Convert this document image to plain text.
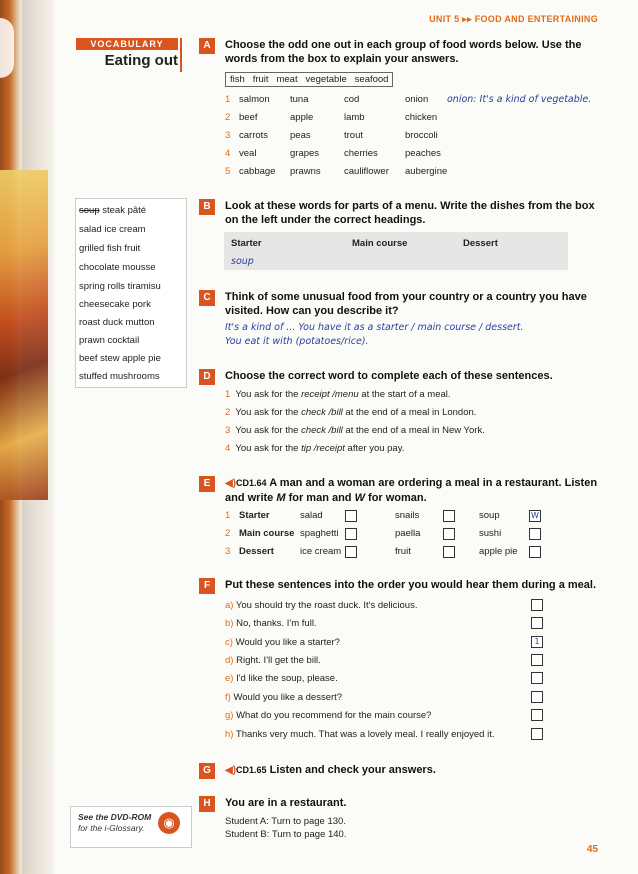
UNIT 5 ▸▸ FOOD AND ENTERTAINING
VOCABULARY
Eating out
A	Choose the odd one out in each group of food words below. Use the words from the box to explain your answers.
fish fruit meat vegetable seafood
1 salmon tuna	cod	onion onion: It's a kind of vegetable.
2 beef	apple	lamb	chicken
3 carrots peas	trout	broccoli
4 veal	grapes	cherries	peaches
5 cabbage prawns cauliflower aubergine
soup steak pâté
salad ice cream
grilled fish fruit
chocolate mousse
spring rolls tiramisu
cheesecake pork
roast duck mutton
prawn cocktail
beef stew apple pie
stuffed mushrooms
B	Look at these words for parts of a menu. Write the dishes from the box on the left under the correct headings.
Starter	Main course	Dessert
soup
C	Think of some unusual food from your country or a country you have visited. How can you describe it?
It's a kind of ... You have it as a starter / main course / dessert.
You eat it with (potatoes/rice).
D	Choose the correct word to complete each of these sentences.
1 You ask for the receipt /menu at the start of a meal.
2 You ask for the check /bill at the end of a meal in London.
3 You ask for the check /bill at the end of a meal in New York.
4 You ask for the tip /receipt after you pay.
E	◀)CD1.64 A man and a woman are ordering a meal in a restaurant. Listen and write M for man and W for woman.
1 Starter	salad	snails	soup	W
2 Main course spaghetti	paella	sushi
3 Dessert	ice cream	fruit	apple pie
F	Put these sentences into the order you would hear them during a meal.
a) You should try the roast duck. It's delicious.
b) No, thanks. I'm full.
c) Would you like a starter?	1
d) Right. I'll get the bill.
e) I'd like the soup, please.
f) Would you like a dessert?
g) What do you recommend for the main course?
h) Thanks very much. That was a lovely meal. I really enjoyed it.
G	◀)CD1.65 Listen and check your answers.
H	You are in a restaurant.
Student A: Turn to page 130.
Student B: Turn to page 140.
See the DVD-ROM
for the i-Glossary.	◉
45
